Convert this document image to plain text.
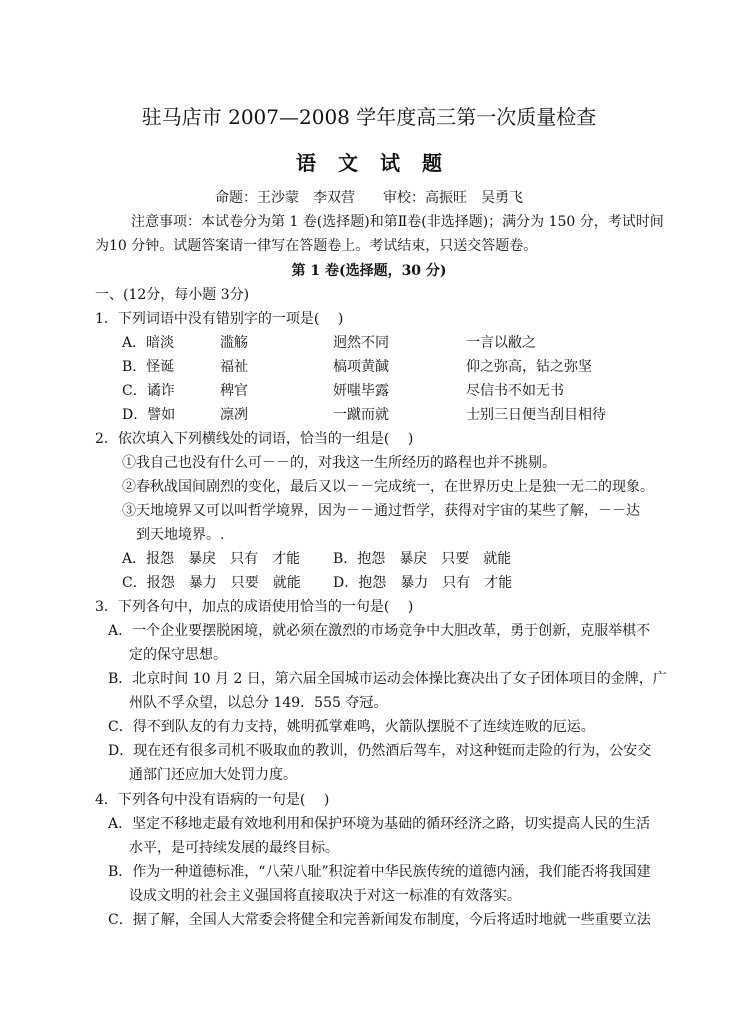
驻马店市 2007—2008 学年度高三第一次质量检查
语文试题
命题：王沙蒙　李双营　　审校：高振旺　吴勇飞
注意事项：本试卷分为第 1 卷(选择题)和第Ⅱ卷(非选择题)；满分为 150 分，考试时间
为10 分钟。试题答案请一律写在答题卷上。考试结束，只送交答题卷。
第 1 卷(选择题，30 分)
一、(12分，每小题 3分)
1．下列词语中没有错别字的一项是(　 )
A．暗淡	滥觞	迥然不同	一言以敝之
B．怪诞	福祉	槁项黄馘	仰之弥高，钻之弥坚
C．谲诈	稗官	妍嗤毕露	尽信书不如无书
D．譬如	凛冽	一蹴而就	士别三日便当刮目相待
2．依次填入下列横线处的词语，恰当的一组是(　 )
①我自己也没有什么可－－的，对我这一生所经历的路程也并不挑剔。
②春秋战国间剧烈的变化，最后又以－－完成统一，在世界历史上是独一无二的现象。
③天地境界又可以叫哲学境界，因为－－通过哲学，获得对宇宙的某些了解，－－达
到天地境界。.
A．报怨　暴戾　只有　才能 B．抱怨　暴戾　只要　就能
C．报怨　暴力　只要　就能 D．抱怨　暴力　只有　才能
3．下列各句中，加点的成语使用恰当的一句是(　 )
A．一个企业要摆脱困境，就必须在激烈的市场竞争中大胆改革，勇于创新，克服举棋不
定的保守思想。
B．北京时间 10 月 2 日，第六届全国城市运动会体操比赛决出了女子团体项目的金牌，广
州队不孚众望，以总分 149．555 夺冠。
C．得不到队友的有力支持，姚明孤掌难鸣，火箭队摆脱不了连续连败的厄运。
D．现在还有很多司机不吸取血的教训，仍然酒后驾车，对这种铤而走险的行为，公安交
通部门还应加大处罚力度。
4．下列各句中没有语病的一句是(　 )
A．坚定不移地走最有效地利用和保护环境为基础的循环经济之路，切实提高人民的生活
水平，是可持续发展的最终目标。
B．作为一种道德标准，“八荣八耻”积淀着中华民族传统的道德内涵，我们能否将我国建
设成文明的社会主义强国将直接取决于对这一标准的有效落实。
C．据了解，全国人大常委会将健全和完善新闻发布制度，今后将适时地就一些重要立法
